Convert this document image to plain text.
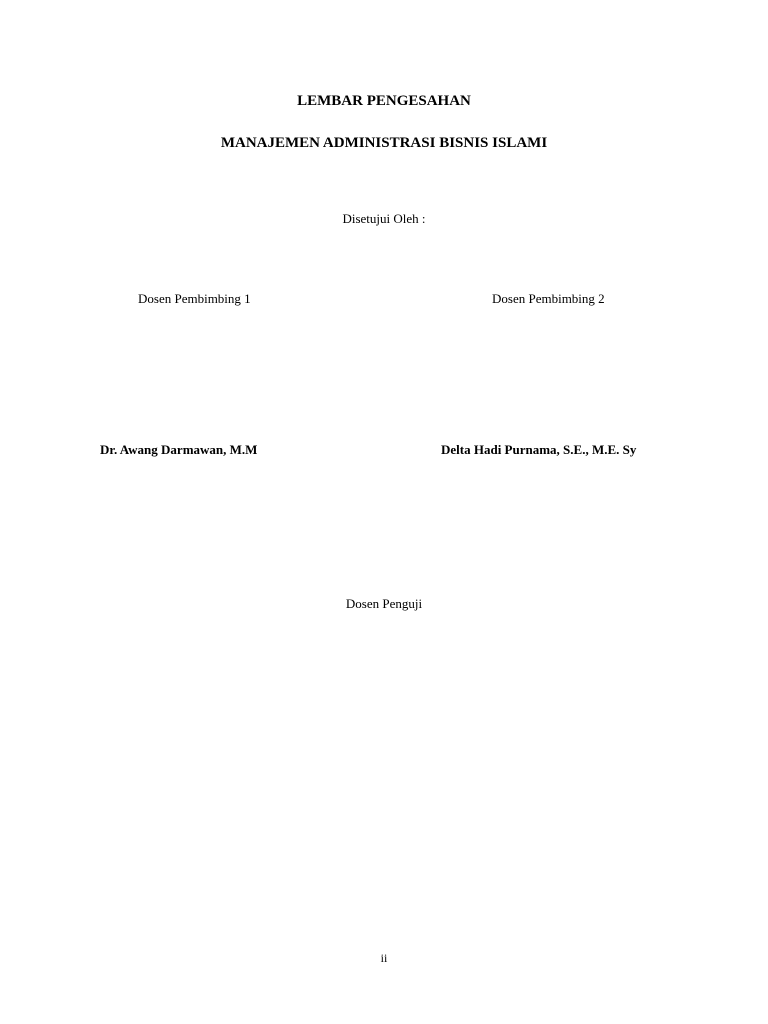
LEMBAR PENGESAHAN
MANAJEMEN ADMINISTRASI BISNIS ISLAMI
Disetujui Oleh :
Dosen Pembimbing 1	Dosen Pembimbing 2
Dr. Awang Darmawan, M.M	Delta Hadi Purnama, S.E., M.E. Sy
Dosen Penguji
ii
